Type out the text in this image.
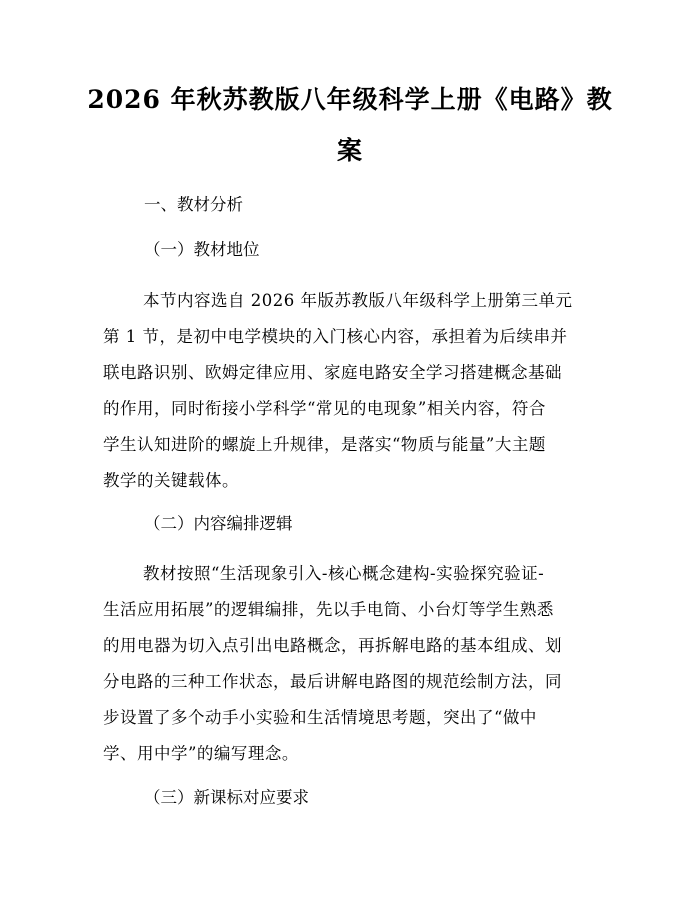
2026 年秋苏教版八年级科学上册《电路》教
案
一、教材分析
（一）教材地位
本节内容选自 2026 年版苏教版八年级科学上册第三单元
第 1 节，是初中电学模块的入门核心内容，承担着为后续串并
联电路识别、欧姆定律应用、家庭电路安全学习搭建概念基础
的作用，同时衔接小学科学“常见的电现象”相关内容，符合
学生认知进阶的螺旋上升规律，是落实“物质与能量”大主题
教学的关键载体。
（二）内容编排逻辑
教材按照“生活现象引入-核心概念建构-实验探究验证-
生活应用拓展”的逻辑编排，先以手电筒、小台灯等学生熟悉
的用电器为切入点引出电路概念，再拆解电路的基本组成、划
分电路的三种工作状态，最后讲解电路图的规范绘制方法，同
步设置了多个动手小实验和生活情境思考题，突出了“做中
学、用中学”的编写理念。
（三）新课标对应要求
